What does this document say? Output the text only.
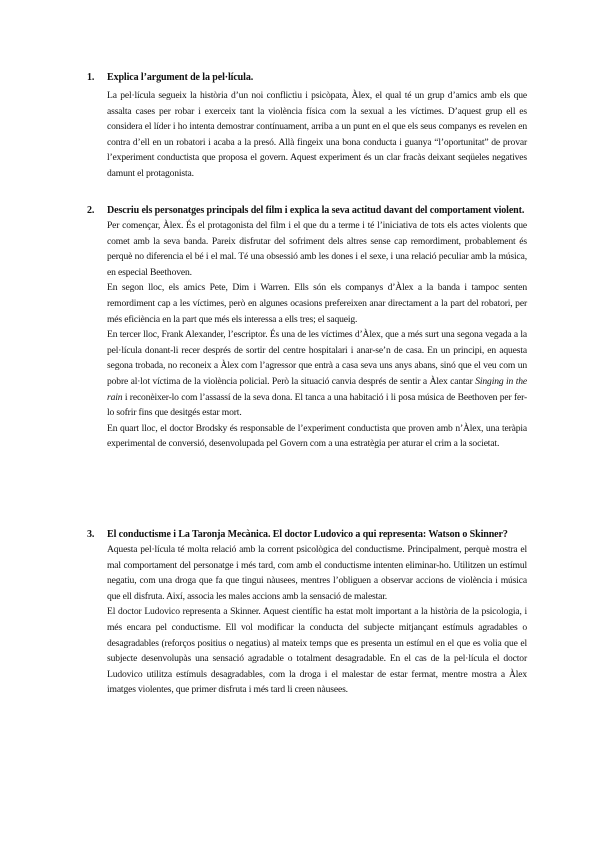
1.	Explica l’argument de la pel·lícula.

La pel·lícula segueix la història d’un noi conflictiu i psicòpata, Àlex, el qual té un grup d’amics amb els que assalta cases per robar i exerceix tant la violència física com la sexual a les víctimes. D’aquest grup ell es considera el líder i ho intenta demostrar contínuament, arriba a un punt en el que els seus companys es revelen en contra d’ell en un robatori i acaba a la presó. Allà fingeix una bona conducta i guanya “l’oportunitat” de provar l’experiment conductista que proposa el govern. Aquest experiment és un clar fracàs deixant seqüeles negatives damunt el protagonista.

2.	Descriu els personatges principals del film i explica la seva actitud davant del comportament violent.

Per començar, Àlex. És el protagonista del film i el que du a terme i té l’iniciativa de tots els actes violents que comet amb la seva banda. Pareix disfrutar del sofriment dels altres sense cap remordiment, probablement és perquè no diferencia el bé i el mal. Té una obsessió amb les dones i el sexe, i una relació peculiar amb la música, en especial Beethoven.

En segon lloc, els amics Pete, Dim i Warren. Ells són els companys d’Àlex a la banda i tampoc senten remordiment cap a les víctimes, però en algunes ocasions prefereixen anar directament a la part del robatori, per més eficiència en la part que més els interessa a ells tres; el saqueig.

En tercer lloc, Frank Alexander, l’escriptor. És una de les víctimes d’Àlex, que a més surt una segona vegada a la pel·lícula donant-li recer després de sortir del centre hospitalari i anar-se’n de casa. En un principi, en aquesta segona trobada, no reconeix a Àlex com l’agressor que entrà a casa seva uns anys abans, sinó que el veu com un pobre al·lot víctima de la violència policial. Però la situació canvia després de sentir a Àlex cantar Singing in the rain i reconèixer-lo com l’assassí de la seva dona. El tanca a una habitació i li posa música de Beethoven per fer-lo sofrir fins que desitgés estar mort.

En quart lloc, el doctor Brodsky és responsable de l’experiment conductista que proven amb n’Àlex, una teràpia experimental de conversió, desenvolupada pel Govern com a una estratègia per aturar el crim a la societat.

3.	El conductisme i La Taronja Mecànica. El doctor Ludovico a qui representa: Watson o Skinner?

Aquesta pel·lícula té molta relació amb la corrent psicològica del conductisme. Principalment, perquè mostra el mal comportament del personatge i més tard, com amb el conductisme intenten eliminar-ho. Utilitzen un estímul negatiu, com una droga que fa que tingui nàusees, mentres l’obliguen a observar accions de violència i música que ell disfruta. Així, associa les males accions amb la sensació de malestar.

El doctor Ludovico representa a Skinner. Aquest científic ha estat molt important a la història de la psicologia, i més encara pel conductisme. Ell vol modificar la conducta del subjecte mitjançant estímuls agradables o desagradables (reforços positius o negatius) al mateix temps que es presenta un estímul en el que es volia que el subjecte desenvolupàs una sensació agradable o totalment desagradable. En el cas de la pel·lícula el doctor Ludovico utilitza estímuls desagradables, com la droga i el malestar de estar fermat, mentre mostra a Àlex imatges violentes, que primer disfruta i més tard li creen nàusees.
